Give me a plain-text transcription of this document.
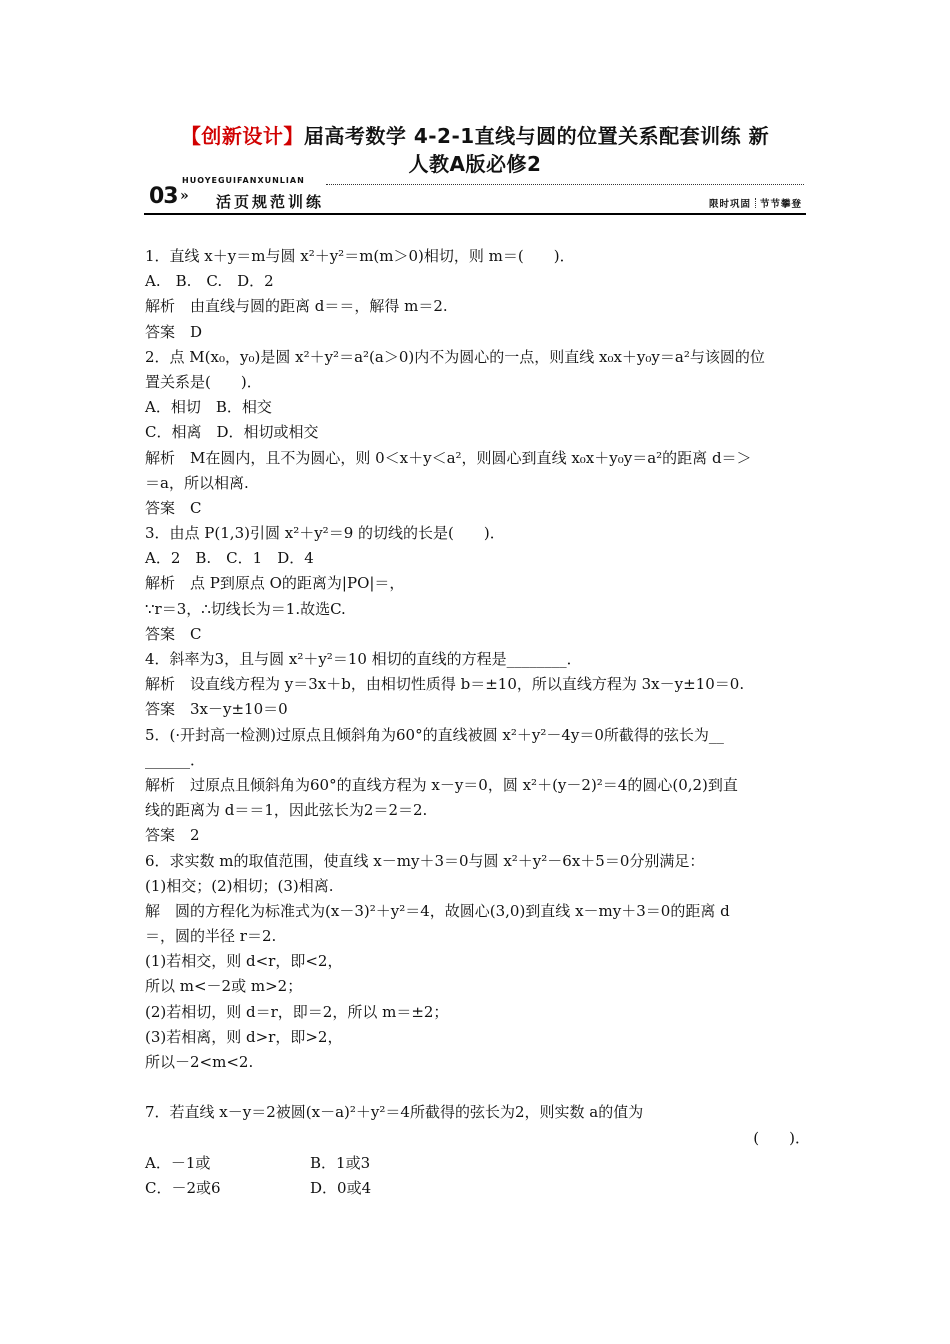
【创新设计】届高考数学 4-2-1直线与圆的位置关系配套训练 新
人教A版必修2
HUOYEGUIFANXUNLIAN
03 » 活页规范训练	限时巩固 节节攀登
1．直线 x＋y＝m与圆 x²＋y²＝m(m＞0)相切，则 m＝(　　)．
A.　B.　C.　D．2
解析　由直线与圆的距离 d＝＝，解得 m＝2.
答案　D
2．点 M(x₀，y₀)是圆 x²＋y²＝a²(a＞0)内不为圆心的一点，则直线 x₀x＋y₀y＝a²与该圆的位
置关系是(　　)．
A．相切　B．相交
C．相离　D．相切或相交
解析　M在圆内，且不为圆心，则 0＜x＋y＜a²，则圆心到直线 x₀x＋y₀y＝a²的距离 d＝＞
＝a，所以相离.
答案　C
3．由点 P(1,3)引圆 x²＋y²＝9 的切线的长是(　　)．
A．2　B.　C．1　D．4
解析　点 P到原点 O的距离为|PO|＝，
∵r＝3，∴切线长为＝1.故选C.
答案　C
4．斜率为3，且与圆 x²＋y²＝10 相切的直线的方程是________．
解析　设直线方程为 y＝3x＋b，由相切性质得 b＝±10，所以直线方程为 3x－y±10＝0.
答案　3x－y±10＝0
5．(·开封高一检测)过原点且倾斜角为60°的直线被圆 x²＋y²－4y＝0所截得的弦长为__
______．
解析　过原点且倾斜角为60°的直线方程为 x－y＝0，圆 x²＋(y－2)²＝4的圆心(0,2)到直
线的距离为 d＝＝1，因此弦长为2＝2＝2.
答案　2
6．求实数 m的取值范围，使直线 x－my＋3＝0与圆 x²＋y²－6x＋5＝0分别满足：
(1)相交；(2)相切；(3)相离.
解　圆的方程化为标准式为(x－3)²＋y²＝4，故圆心(3,0)到直线 x－my＋3＝0的距离 d
＝，圆的半径 r＝2.
(1)若相交，则 d<r，即<2，
所以 m<－2或 m>2；
(2)若相切，则 d＝r，即＝2，所以 m＝±2；
(3)若相离，则 d>r，即>2，
所以－2<m<2.
7．若直线 x－y＝2被圆(x－a)²＋y²＝4所截得的弦长为2，则实数 a的值为
(　　)．
A．－1或	B．1或3
C．－2或6	D．0或4
